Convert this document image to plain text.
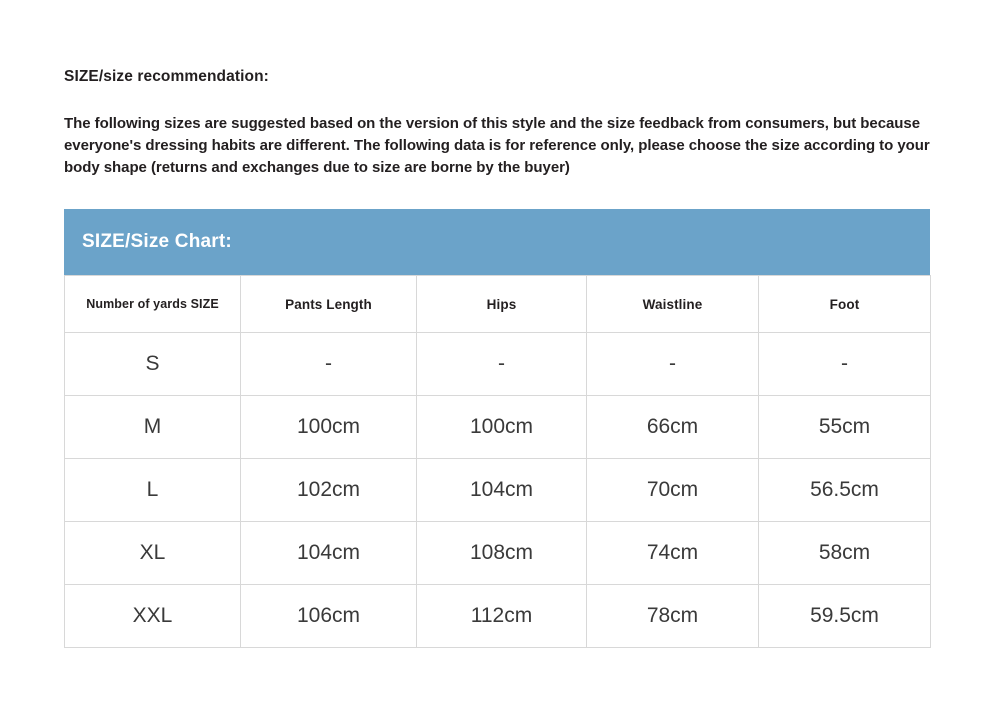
SIZE/size recommendation:

The following sizes are suggested based on the version of this style and the size feedback from consumers, but because everyone's dressing habits are different. The following data is for reference only, please choose the size according to your body shape (returns and exchanges due to size are borne by the buyer)

SIZE/Size Chart:
Number of yards SIZE	Pants Length	Hips	Waistline	Foot
S	-	-	-	-
M	100cm	100cm	66cm	55cm
L	102cm	104cm	70cm	56.5cm
XL	104cm	108cm	74cm	58cm
XXL	106cm	112cm	78cm	59.5cm
